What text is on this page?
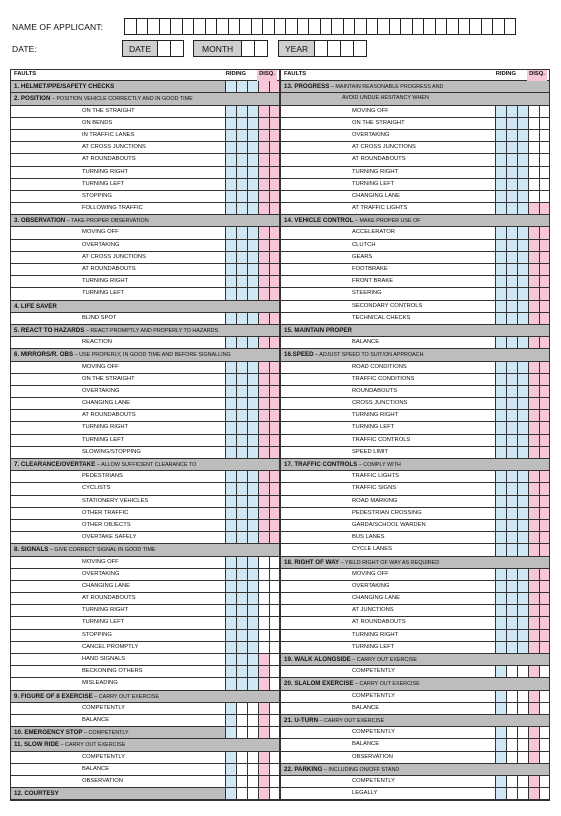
NAME OF APPLICANT:
DATE:	DATE	MONTH	YEAR
FAULTS	RIDING	DISQ.
1. HELMET/PPE/SAFETY CHECKS
2. POSITION – POSITION VEHICLE CORRECTLY AND IN GOOD TIME
ON THE STRAIGHT
ON BENDS
IN TRAFFIC LANES
AT CROSS JUNCTIONS
AT ROUNDABOUTS
TURNING RIGHT
TURNING LEFT
STOPPING
FOLLOWING TRAFFIC
3. OBSERVATION – TAKE PROPER OBSERVATION
MOVING OFF
OVERTAKING
AT CROSS JUNCTIONS
AT ROUNDABOUTS
TURNING RIGHT
TURNING LEFT
4. LIFE SAVER
BLIND SPOT
5. REACT TO HAZARDS – REACT PROMPTLY AND PROPERLY TO HAZARDS
REACTION
6. MIRRORS/R. OBS – USE PROPERLY, IN GOOD TIME AND BEFORE SIGNALLING
MOVING OFF
ON THE STRAIGHT
OVERTAKING
CHANGING LANE
AT ROUNDABOUTS
TURNING RIGHT
TURNING LEFT
SLOWING/STOPPING
7. CLEARANCE/OVERTAKE – ALLOW SUFFICIENT CLEARANCE TO
PEDESTRIANS
CYCLISTS
STATIONERY VEHICLES
OTHER TRAFFIC
OTHER OBJECTS
OVERTAKE SAFELY
8. SIGNALS – GIVE CORRECT SIGNAL IN GOOD TIME
MOVING OFF
OVERTAKING
CHANGING LANE
AT ROUNDABOUTS
TURNING RIGHT
TURNING LEFT
STOPPING
CANCEL PROMPTLY
HAND SIGNALS
BECKONING OTHERS
MISLEADING
9. FIGURE OF 8 EXERCISE – CARRY OUT EXERCISE
COMPETENTLY
BALANCE
10. EMERGENCY STOP – COMPETENTLY
11. SLOW RIDE – CARRY OUT EXERCISE
COMPETENTLY
BALANCE
OBSERVATION
12. COURTESY
FAULTS	RIDING	DISQ.
13. PROGRESS – MAINTAIN REASONABLE PROGRESS AND
AVOID UNDUE HESITANCY WHEN
MOVING OFF
ON THE STRAIGHT
OVERTAKING
AT CROSS JUNCTIONS
AT ROUNDABOUTS
TURNING RIGHT
TURNING LEFT
CHANGING LANE
AT TRAFFIC LIGHTS
14. VEHICLE CONTROL – MAKE PROPER USE OF
ACCELERATOR
CLUTCH
GEARS
FOOTBRAKE
FRONT BRAKE
STEERING
SECONDARY CONTROLS
TECHNICAL CHECKS
15. MAINTAIN PROPER
BALANCE
16.SPEED – ADJUST SPEED TO SUIT/ON APPROACH
ROAD CONDITIONS
TRAFFIC CONDITIONS
ROUNDABOUTS
CROSS JUNCTIONS
TURNING RIGHT
TURNING LEFT
TRAFFIC CONTROLS
SPEED LIMIT
17. TRAFFIC CONTROLS – COMPLY WITH
TRAFFIC LIGHTS
TRAFFIC SIGNS
ROAD MARKING
PEDESTRIAN CROSSING
GARDA/SCHOOL WARDEN
BUS LANES
CYCLE LANES
18. RIGHT OF WAY – YIELD RIGHT OF WAY AS REQUIRED
MOVING OFF
OVERTAKING
CHANGING LANE
AT JUNCTIONS
AT ROUNDABOUTS
TURNING RIGHT
TURNING LEFT
19. WALK ALONGSIDE – CARRY OUT EXERCISE
COMPETENTLY
20. SLALOM EXERCISE – CARRY OUT EXERCISE
COMPETENTLY
BALANCE
21. U-TURN – CARRY OUT EXERCISE
COMPETENTLY
BALANCE
OBSERVATION
22. PARKING – INCLUDING ON/OFF STAND
COMPETENTLY
LEGALLY
